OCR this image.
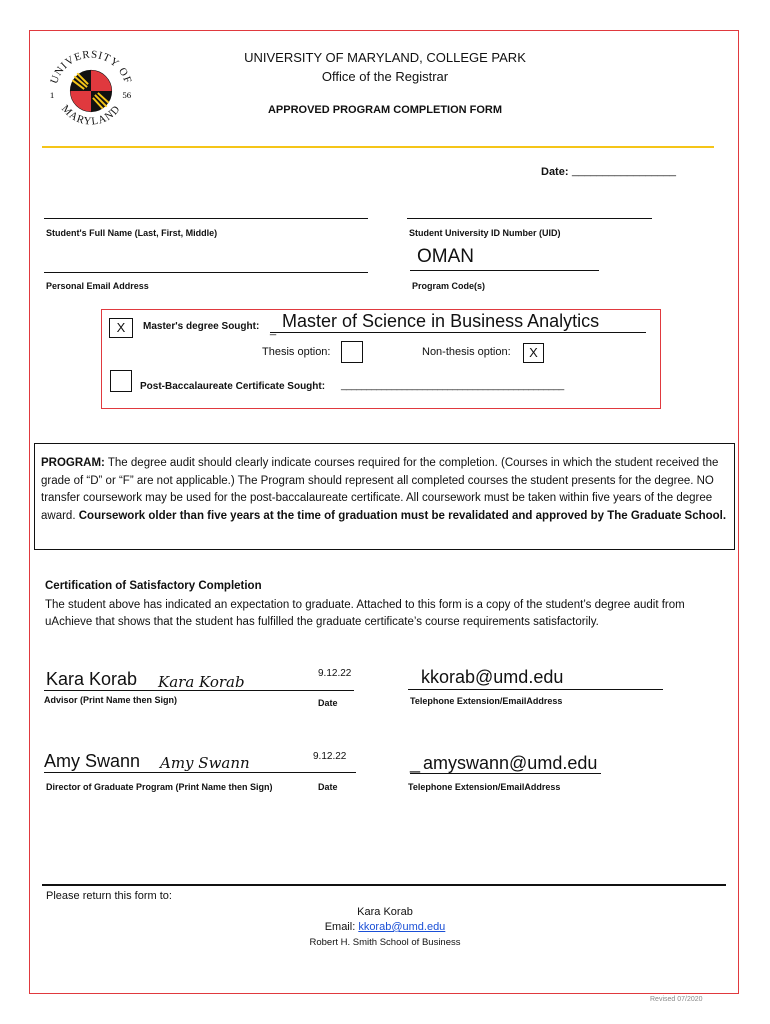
UNIVERSITY OF
MARYLAND
1	56
UNIVERSITY OF MARYLAND, COLLEGE PARK
Office of the Registrar
APPROVED PROGRAM COMPLETION FORM
Date: _________________
Student's Full Name (Last, First, Middle)	Student University ID Number (UID)
Personal Email Address
OMAN
Program Code(s)
X	Master's degree Sought: _ Master of Science in Business Analytics
Thesis option:	Non-thesis option:	X
Post-Baccalaureate Certificate Sought: ____________________________________________
PROGRAM: The degree audit should clearly indicate courses required for the completion. (Courses in which the student received the grade of “D” or “F” are not applicable.) The Program should represent all completed courses the student presents for the degree. NO transfer coursework may be used for the post-baccalaureate certificate. All coursework must be taken within five years of the degree award. Coursework older than five years at the time of graduation must be revalidated and approved by The Graduate School.
Certification of Satisfactory Completion
The student above has indicated an expectation to graduate. Attached to this form is a copy of the student’s degree audit from uAchieve that shows that the student has fulfilled the graduate certificate’s course requirements satisfactorily.
Kara Korab Kara Korab	9.12.22
Advisor (Print Name then Sign)	Date
kkorab@umd.edu
Telephone Extension/EmailAddress
Amy Swann Amy Swann	9.12.22
Director of Graduate Program (Print Name then Sign)	Date
_ amyswann@umd.edu
Telephone Extension/EmailAddress
Please return this form to:
Kara Korab
Email: kkorab@umd.edu
Robert H. Smith School of Business
Revised 07/2020
